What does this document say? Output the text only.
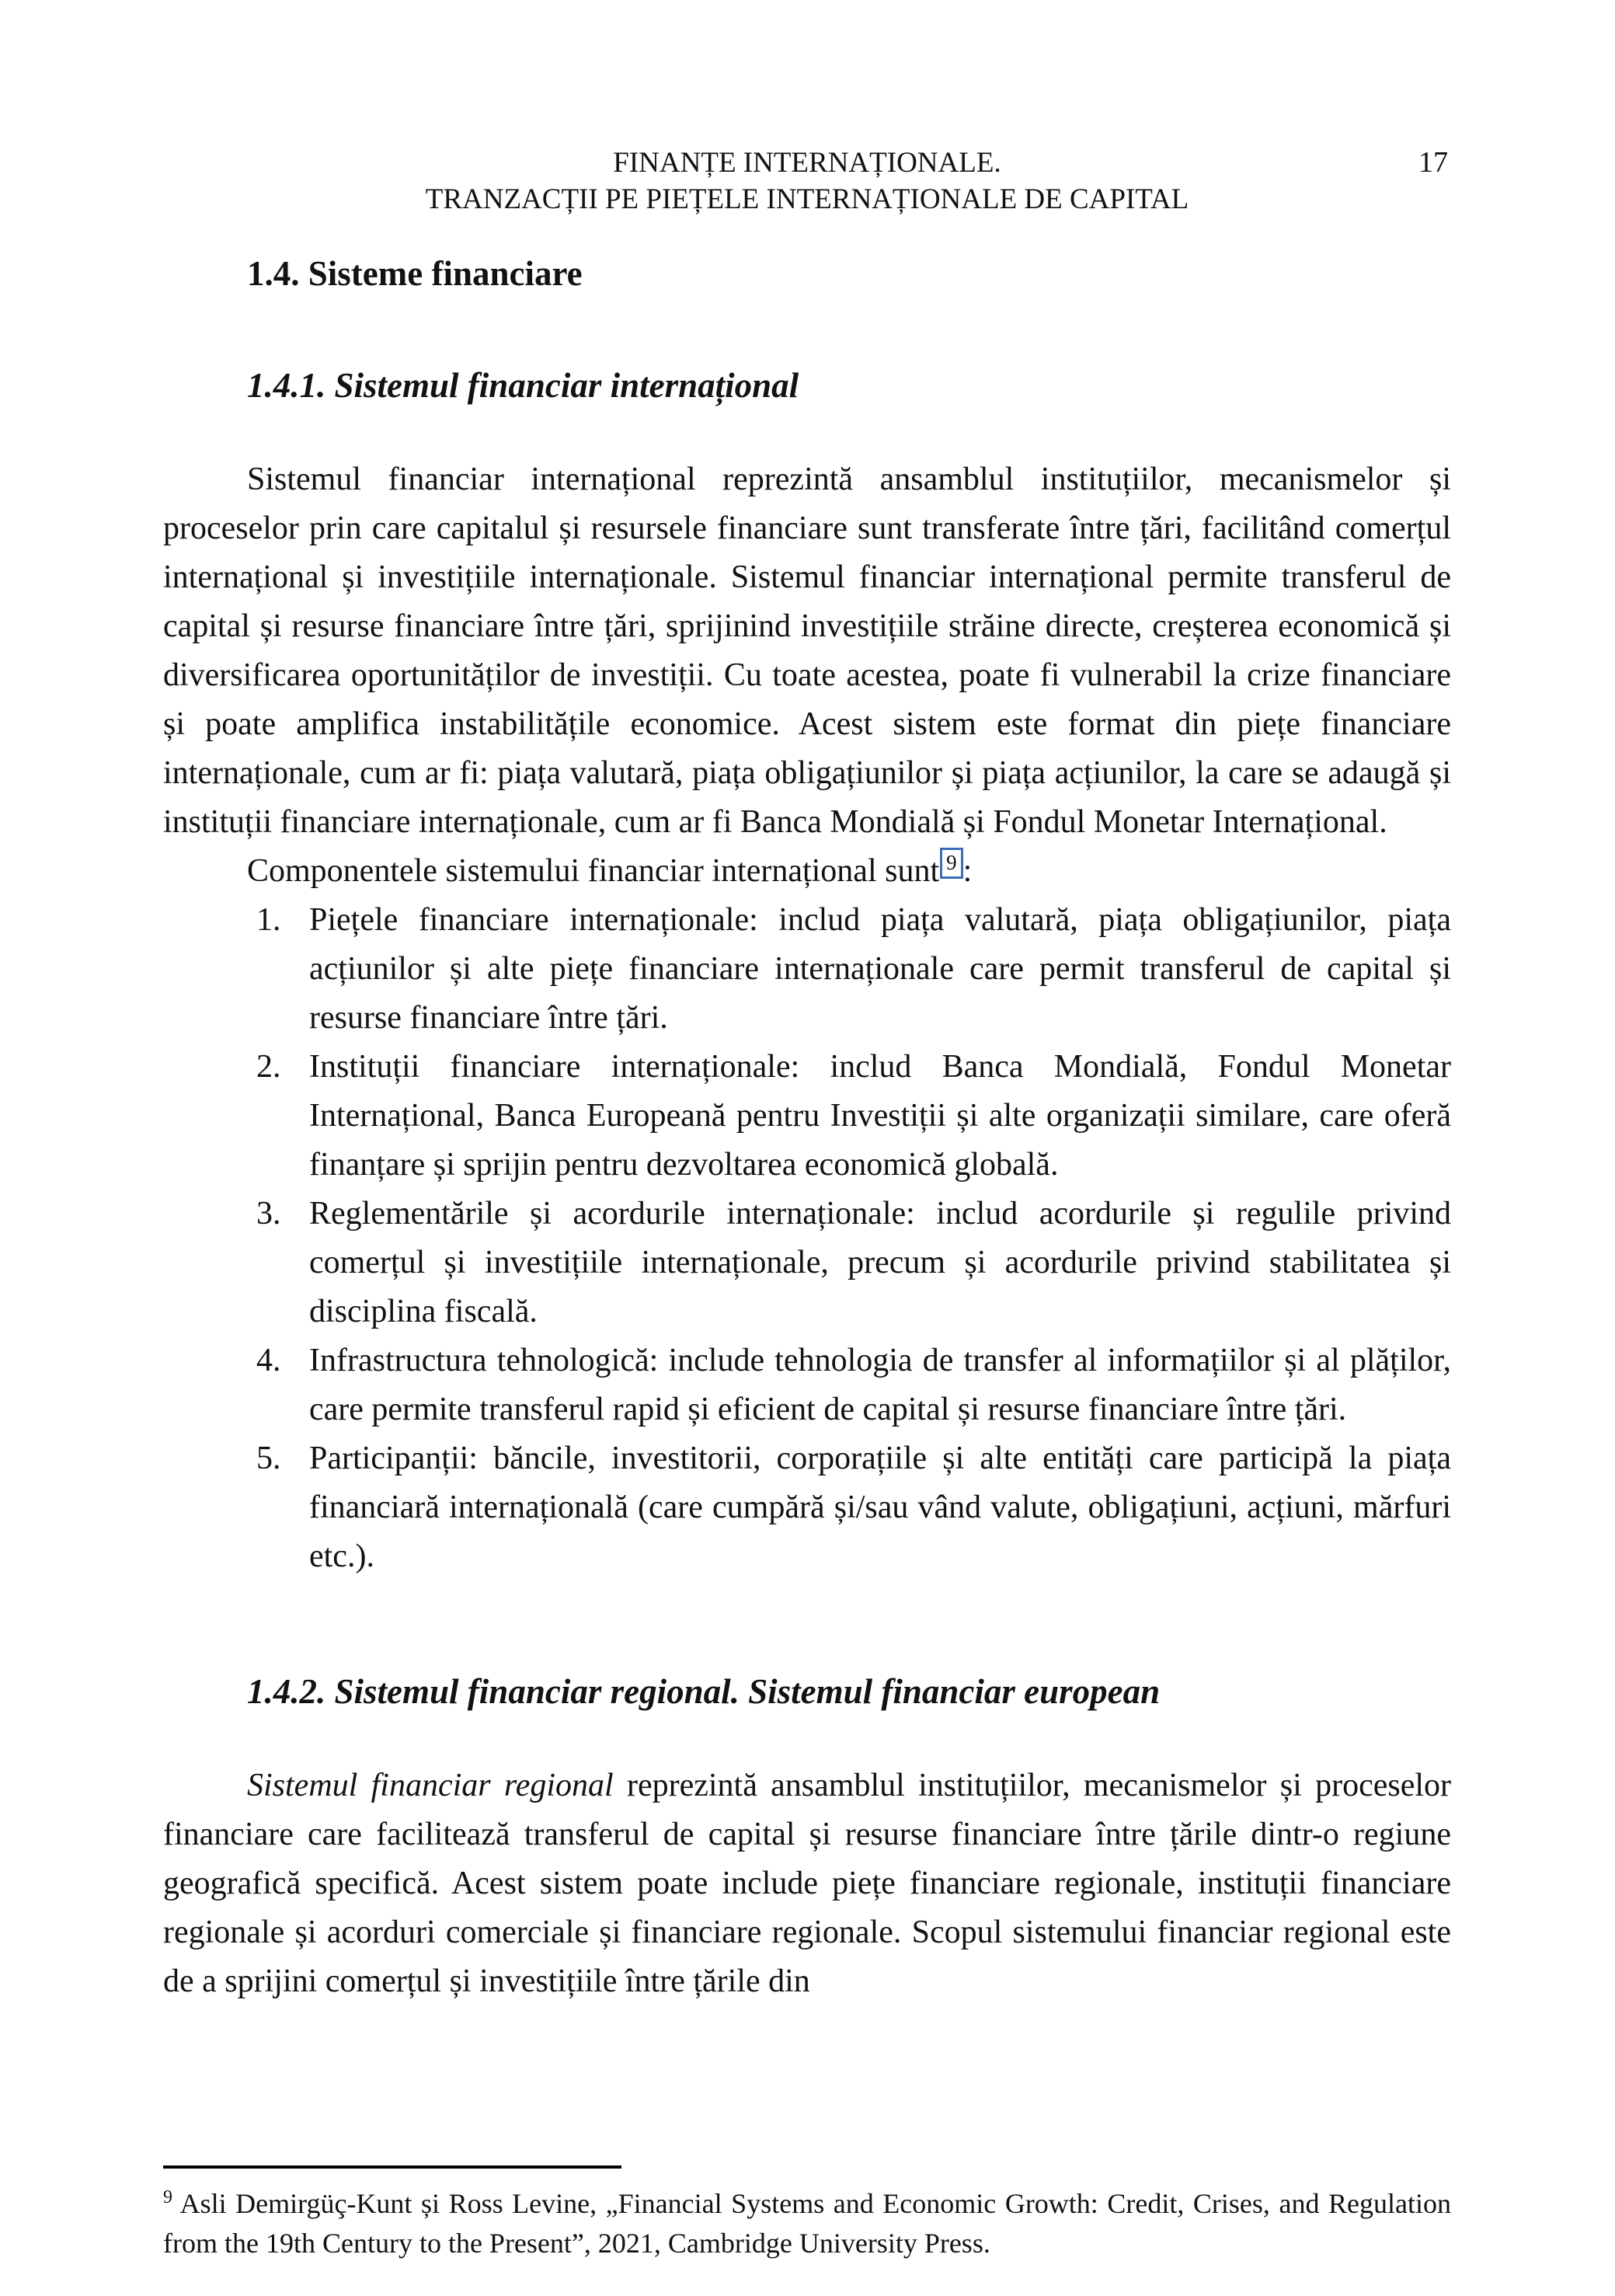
FINANȚE INTERNAȚIONALE.
TRANZACȚII PE PIEȚELE INTERNAȚIONALE DE CAPITAL
17
1.4. Sisteme financiare
1.4.1. Sistemul financiar internațional

Sistemul financiar internațional reprezintă ansamblul instituțiilor, mecanismelor și proceselor prin care capitalul și resursele financiare sunt transferate între țări, facilitând comerțul internațional și investițiile internaționale. Sistemul financiar internațional permite transferul de capital și resurse financiare între țări, sprijinind investițiile străine directe, creșterea economică și diversificarea oportunităților de investiții. Cu toate acestea, poate fi vulnerabil la crize financiare și poate amplifica instabilitățile economice. Acest sistem este format din piețe financiare internaționale, cum ar fi: piața valutară, piața obligațiunilor și piața acțiunilor, la care se adaugă și instituții financiare internaționale, cum ar fi Banca Mondială și Fondul Monetar Internațional.

Componentele sistemului financiar internațional sunt $^9$ :

1. Piețele financiare internaționale: includ piața valutară, piața obligațiunilor, piața acțiunilor și alte piețe financiare internaționale care permit transferul de capital și resurse financiare între țări.
2. Instituții financiare internaționale: includ Banca Mondială, Fondul Monetar Internațional, Banca Europeană pentru Investiții și alte organizații similare, care oferă finanțare și sprijin pentru dezvoltarea economică globală.
3. Reglementările și acordurile internaționale: includ acordurile și regulile privind comerțul și investițiile internaționale, precum și acordurile privind stabilitatea și disciplina fiscală.
4. Infrastructura tehnologică: include tehnologia de transfer al informațiilor și al plăților, care permite transferul rapid și eficient de capital și resurse financiare între țări.
5. Participanții: băncile, investitorii, corporațiile și alte entități care participă la piața financiară internațională (care cumpără și/sau vând valute, obligațiuni, acțiuni, mărfuri etc.).
1.4.2. Sistemul financiar regional. Sistemul financiar european

Sistemul financiar regional reprezintă ansamblul instituțiilor, mecanismelor și proceselor financiare care facilitează transferul de capital și resurse financiare între țările dintr-o regiune geografică specifică. Acest sistem poate include piețe financiare regionale, instituții financiare regionale și acorduri comerciale și financiare regionale. Scopul sistemului financiar regional este de a sprijini comerțul și investițiile între țările din

$^9$ Asli Demirgüç-Kunt și Ross Levine, „Financial Systems and Economic Growth: Credit, Crises, and Regulation from the 19th Century to the Present”, 2021, Cambridge University Press.
